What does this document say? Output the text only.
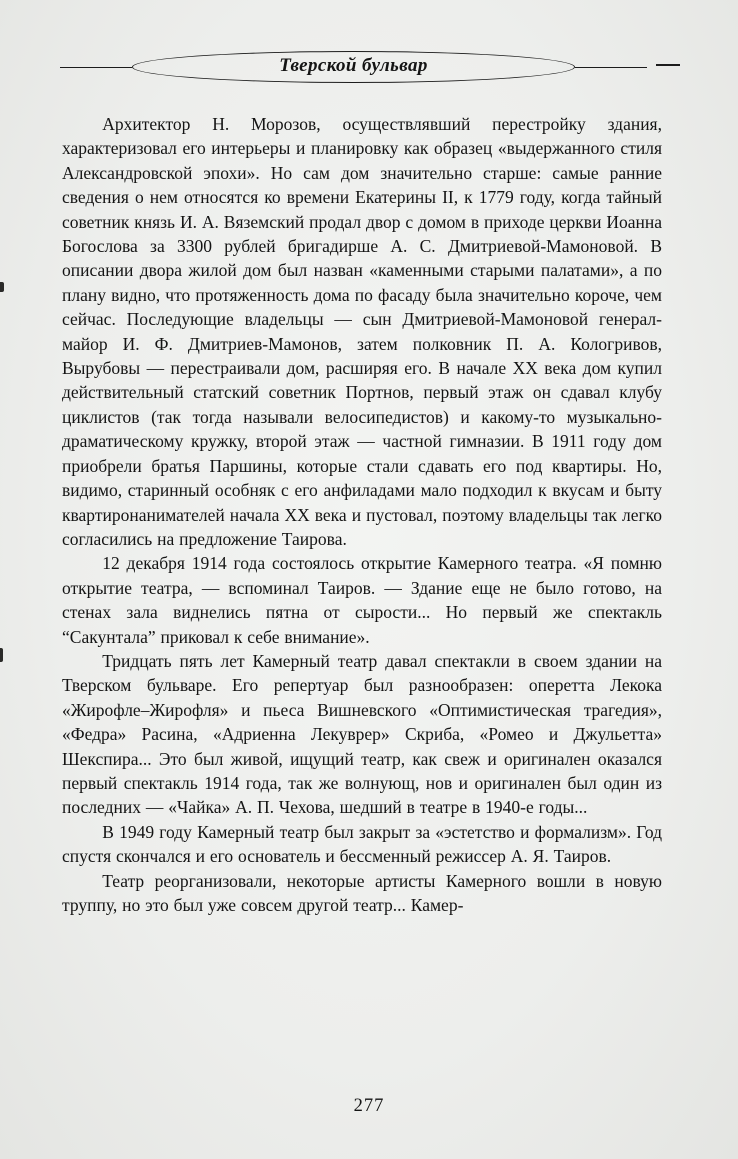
Тверской бульвар

Архитектор Н. Морозов, осуществлявший перестройку здания, характеризовал его интерьеры и планировку как образец «выдержанного стиля Александровской эпохи». Но сам дом значительно старше: самые ранние сведения о нем относятся ко времени Екатерины II, к 1779 году, когда тайный советник князь И. А. Вяземский продал двор с домом в приходе церкви Иоанна Богослова за 3300 рублей бригадирше А. С. Дмитриевой-Мамоновой. В описании двора жилой дом был назван «каменными старыми палатами», а по плану видно, что протяженность дома по фасаду была значительно короче, чем сейчас. Последующие владельцы — сын Дмитриевой-Мамоновой генерал-майор И. Ф. Дмитриев-Мамонов, затем полковник П. А. Кологривов, Вырубовы — перестраивали дом, расширяя его. В начале XX века дом купил действительный статский советник Портнов, первый этаж он сдавал клубу циклистов (так тогда называли велосипедистов) и какому-то музыкально-драматическому кружку, второй этаж — частной гимназии. В 1911 году дом приобрели братья Паршины, которые стали сдавать его под квартиры. Но, видимо, старинный особняк с его анфиладами мало подходил к вкусам и быту квартиронанимателей начала XX века и пустовал, поэтому владельцы так легко согласились на предложение Таирова.

12 декабря 1914 года состоялось открытие Камерного театра. «Я помню открытие театра, — вспоминал Таиров. — Здание еще не было готово, на стенах зала виднелись пятна от сырости... Но первый же спектакль “Сакунтала” приковал к себе внимание».

Тридцать пять лет Камерный театр давал спектакли в своем здании на Тверском бульваре. Его репертуар был разнообразен: оперетта Лекока «Жирофле–Жирофля» и пьеса Вишневского «Оптимистическая трагедия», «Федра» Расина, «Адриенна Лекуврер» Скриба, «Ромео и Джульетта» Шекспира... Это был живой, ищущий театр, как свеж и оригинален оказался первый спектакль 1914 года, так же волнующ, нов и оригинален был один из последних — «Чайка» А. П. Чехова, шедший в театре в 1940-е годы...

В 1949 году Камерный театр был закрыт за «эстетство и формализм». Год спустя скончался и его основатель и бессменный режиссер А. Я. Таиров.

Театр реорганизовали, некоторые артисты Камерного вошли в новую труппу, но это был уже совсем другой театр... Камер-

277
